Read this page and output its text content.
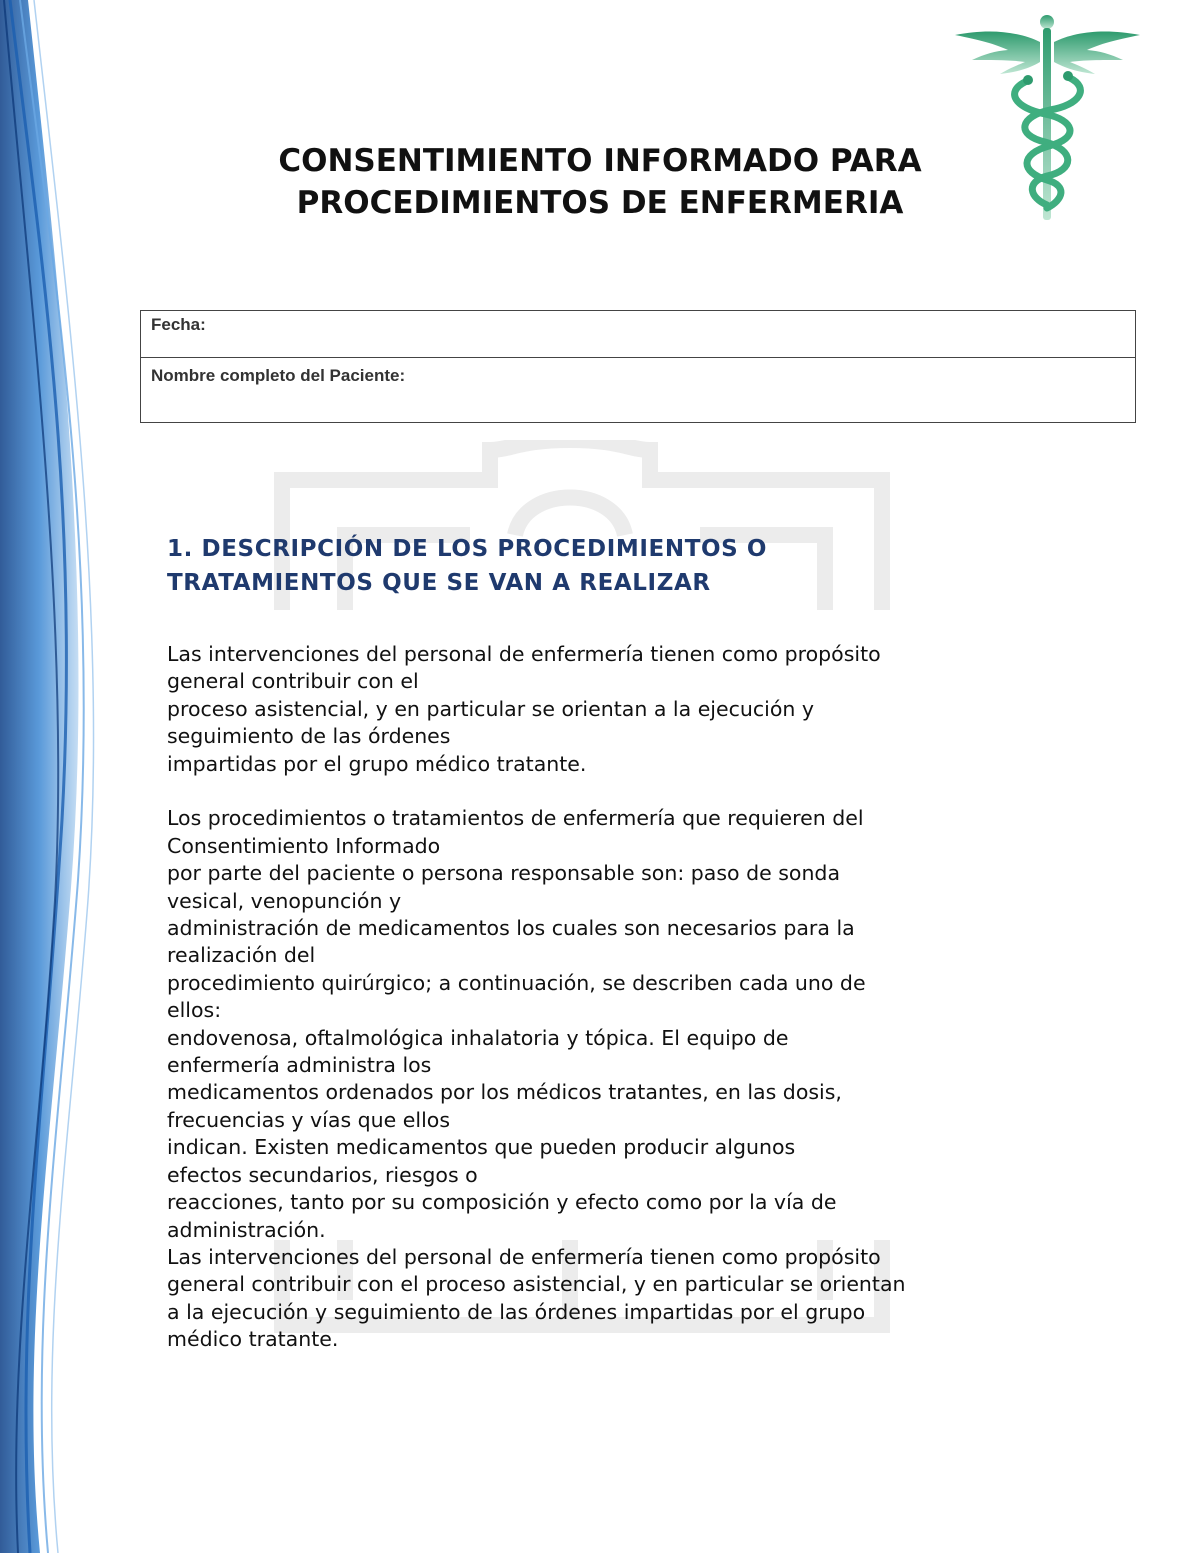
CONSENTIMIENTO INFORMADO PARA
PROCEDIMIENTOS DE ENFERMERIA
Fecha:
Nombre completo del Paciente:
1. DESCRIPCIÓN DE LOS PROCEDIMIENTOS O
TRATAMIENTOS QUE SE VAN A REALIZAR
Las intervenciones del personal de enfermería tienen como propósito
general contribuir con el
proceso asistencial, y en particular se orientan a la ejecución y
seguimiento de las órdenes
impartidas por el grupo médico tratante.
Los procedimientos o tratamientos de enfermería que requieren del
Consentimiento Informado
por parte del paciente o persona responsable son: paso de sonda
vesical, venopunción y
administración de medicamentos los cuales son necesarios para la
realización del
procedimiento quirúrgico; a continuación, se describen cada uno de
ellos:
endovenosa, oftalmológica inhalatoria y tópica. El equipo de
enfermería administra los
medicamentos ordenados por los médicos tratantes, en las dosis,
frecuencias y vías que ellos
indican. Existen medicamentos que pueden producir algunos
efectos secundarios, riesgos o
reacciones, tanto por su composición y efecto como por la vía de
administración.
Las intervenciones del personal de enfermería tienen como propósito
general contribuir con el proceso asistencial, y en particular se orientan
a la ejecución y seguimiento de las órdenes impartidas por el grupo
médico tratante.
